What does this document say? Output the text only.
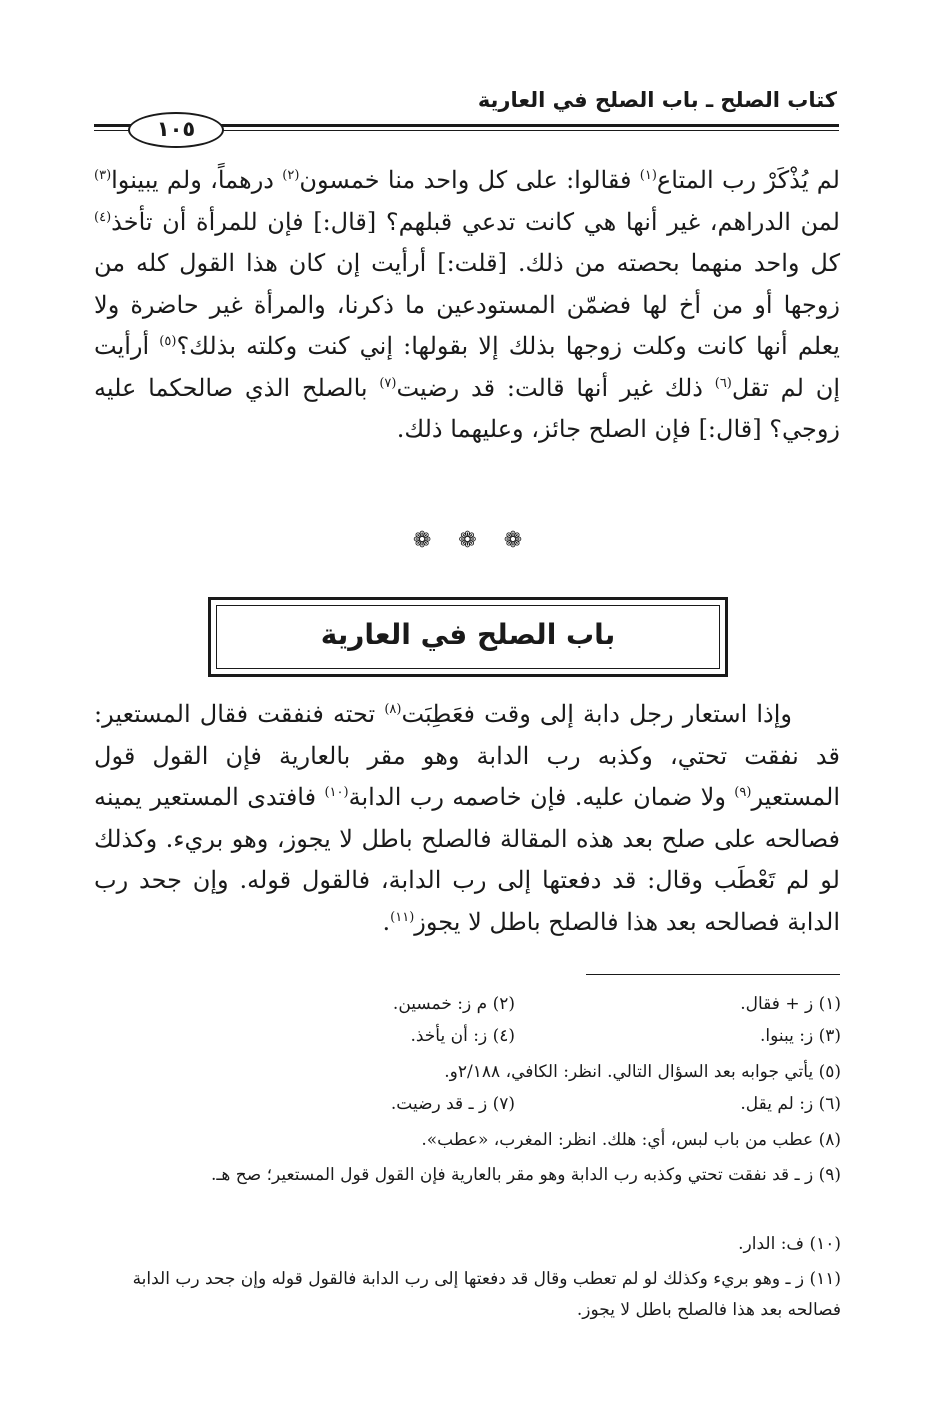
كتاب الصلح ـ باب الصلح في العارية
١٠٥
لم يُذْكَرْ رب المتاع$^{(١)}$ فقالوا: على كل واحد منا خمسون$^{(٢)}$ درهماً، ولم يبينوا$^{(٣)}$ لمن الدراهم، غير أنها هي كانت تدعي قبلهم؟ [قال:] فإن للمرأة أن تأخذ$^{(٤)}$ كل واحد منهما بحصته من ذلك. [قلت:] أرأيت إن كان هذا القول كله من زوجها أو من أخ لها فضمّن المستودعين ما ذكرنا، والمرأة غير حاضرة ولا يعلم أنها كانت وكلت زوجها بذلك إلا بقولها: إني كنت وكلته بذلك؟$^{(٥)}$ أرأيت إن لم تقل$^{(٦)}$ ذلك غير أنها قالت: قد رضيت$^{(٧)}$ بالصلح الذي صالحكما عليه زوجي؟ [قال:] فإن الصلح جائز، وعليهما ذلك.
❁ ❁ ❁
باب الصلح في العارية
وإذا استعار رجل دابة إلى وقت فعَطِبَت$^{(٨)}$ تحته فنفقت فقال المستعير: قد نفقت تحتي، وكذبه رب الدابة وهو مقر بالعارية فإن القول قول المستعير$^{(٩)}$ ولا ضمان عليه. فإن خاصمه رب الدابة$^{(١٠)}$ فافتدى المستعير يمينه فصالحه على صلح بعد هذه المقالة فالصلح باطل لا يجوز، وهو بريء. وكذلك لو لم تَعْطَب وقال: قد دفعتها إلى رب الدابة، فالقول قوله. وإن جحد رب الدابة فصالحه بعد هذا فالصلح باطل لا يجوز$^{(١١)}$.
(١) ز + فقال.
(٢) م ز: خمسين.
(٣) ز: يبنوا.
(٤) ز: أن يأخذ.
(٥) يأتي جوابه بعد السؤال التالي. انظر: الكافي، ٢/١٨٨و.
(٦) ز: لم يقل.
(٧) ز ـ قد رضيت.
(٨) عطب من باب لبس، أي: هلك. انظر: المغرب، «عطب».
(٩) ز ـ قد نفقت تحتي وكذبه رب الدابة وهو مقر بالعارية فإن القول قول المستعير؛ صح هـ.
(١٠) ف: الدار.
(١١) ز ـ وهو بريء وكذلك لو لم تعطب وقال قد دفعتها إلى رب الدابة فالقول قوله وإن جحد رب الدابة فصالحه بعد هذا فالصلح باطل لا يجوز.
